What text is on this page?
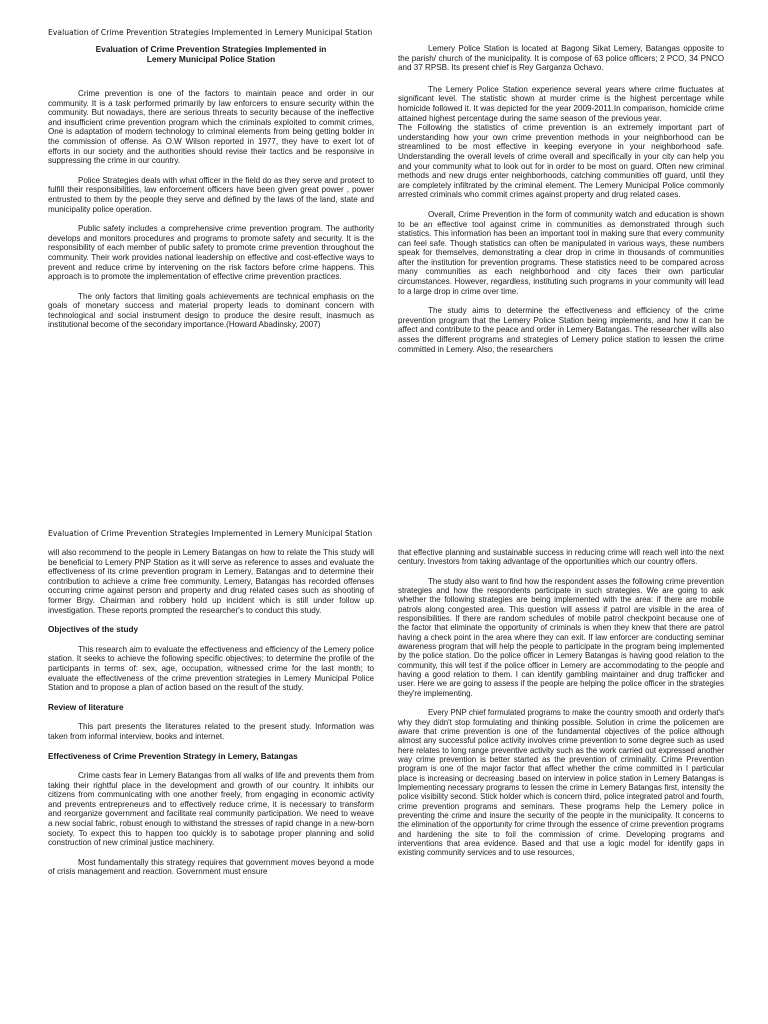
Evaluation of Crime Prevention Strategies Implemented in Lemery Municipal Station
Evaluation of Crime Prevention Strategies Implemented in
Lemery Municipal Police Station

Crime prevention is one of the factors to maintain peace and order in our community. It is a task performed primarily by law enforcers to ensure security within the community. But nowadays, there are serious threats to security because of the ineffective and insufficient crime prevention program which the criminals exploited to commit crimes, One is adaptation of modern technology to criminal elements from being getting bolder in the commission of offense. As O.W Wilson reported in 1977, they have to exert lot of efforts in our society and the authorities should revise their tactics and be responsive in suppressing the crime in our country.

Police Strategies deals with what officer in the field do as they serve and protect to fulfill their responsibilities, law enforcement officers have been given great power , power entrusted to them by the people they serve and defined by the laws of the land, state and municipality police operation.

Public safety includes a comprehensive crime prevention program. The authority develops and monitors procedures and programs to promote safety and security. It is the responsibility of each member of public safety to promote crime prevention throughout the community. Their work provides national leadership on effective and cost-effective ways to prevent and reduce crime by intervening on the risk factors before crime happens. This approach is to promote the implementation of effective crime prevention practices.

The only factors that limiting goals achievements are technical emphasis on the goals of monetary success and material property leads to dominant concern with technological and social instrument design to produce the desire result, inasmuch as institutional become of the secondary importance.(Howard Abadinsky, 2007)

Lemery Police Station is located at Bagong Sikat Lemery, Batangas opposite to the parish/ church of the municipality. It is compose of 63 police officers; 2 PCO, 34 PNCO and 37 RPSB. Its present chief is Rey Garganza Ochavo.

The Lemery Police Station experience several years where crime fluctuates at significant level. The statistic shown at murder crime is the highest percentage while homicide followed it. It was depicted for the year 2009-2011.In comparison, homicide crime attained highest percentage during the same season of the previous year.

The Following the statistics of crime prevention is an extremely important part of understanding how your own crime prevention methods in your neighborhood can be streamlined to be most effective in keeping everyone in your neighborhood safe. Understanding the overall levels of crime overall and specifically in your city can help you and your community what to look out for in order to be most on guard. Often new criminal methods and new drugs enter neighborhoods, catching communities off guard, until they are completely infiltrated by the criminal element. The Lemery Municipal Police commonly arrested criminals who commit crimes against property and drug related cases.

Overall, Crime Prevention in the form of community watch and education is shown to be an effective tool against crime in communities as demonstrated through such statistics. This information has been an important tool in making sure that every community can feel safe. Though statistics can often be manipulated in various ways, these numbers speak for themselves, demonstrating a clear drop in crime in thousands of communities after the institution for prevention programs. These statistics need to be compared across many communities as each neighborhood and city faces their own particular circumstances. However, regardless, instituting such programs in your community will lead to a large drop in crime over time.

The study aims to determine the effectiveness and efficiency of the crime prevention program that the Lemery Police Station being implements, and how it can be affect and contribute to the peace and order in Lemery Batangas. The researcher wills also asses the different programs and strategies of Lemery police station to lessen the crime committed in Lemery. Also, the researchers

Evaluation of Crime Prevention Strategies Implemented in Lemery Municipal Station

will also recommend to the people in Lemery Batangas on how to relate the This study will be beneficial to Lemery PNP Station as it will serve as reference to asses and evaluate the effectiveness of its crime prevention program in Lemery, Batangas and to determine their contribution to achieve a crime free community. Lemery, Batangas has recorded offenses occurring crime against person and property and drug related cases such as shooting of former Brgy. Chairman and robbery hold up incident which is still under follow up investigation. These reports prompted the researcher's to conduct this study.

Objectives of the study

This research aim to evaluate the effectiveness and efficiency of the Lemery police station. It seeks to achieve the following specific objectives; to determine the profile of the participants in terms of: sex, age, occupation, witnessed crime for the last month; to evaluate the effectiveness of the crime prevention strategies in Lemery Municipal Police Station and to propose a plan of action based on the result of the study.

Review of literature

This part presents the literatures related to the present study. Information was taken from informal interview, books and internet.

Effectiveness of Crime Prevention Strategy in Lemery, Batangas

Crime casts fear in Lemery Batangas from all walks of life and prevents them from taking their rightful place in the development and growth of our country. It inhibits our citizens from communicating with one another freely, from engaging in economic activity and prevents entrepreneurs and to effectively reduce crime, it is necessary to transform and reorganize government and facilitate real community participation. We need to weave a new social fabric, robust enough to withstand the stresses of rapid change in a new-born society. To expect this to happen too quickly is to sabotage proper planning and solid construction of new criminal justice machinery.

Most fundamentally this strategy requires that government moves beyond a mode of crisis management and reaction. Government must ensure

that effective planning and sustainable success in reducing crime will reach well into the next century. Investors from taking advantage of the opportunities which our country offers.

The study also want to find how the respondent asses the following crime prevention strategies and how the respondents participate in such strategies. We are going to ask whether the following strategies are being implemented with the area: if there are mobile patrols along congested area. This question will assess if patrol are visible in the area of responsibilities. If there are random schedules of mobile patrol checkpoint because one of the factor that eliminate the opportunity of criminals is when they knew that there are patrol having a check point in the area where they can exit. If law enforcer are conducting seminar awareness program that will help the people to participate in the program being implemented by the police station. Do the police officer in Lemery Batangas is having good relation to the community, this will test if the police officer in Lemery are accommodating to the people and having a good relation to them. I can identify gambling maintainer and drug trafficker and user. Here we are going to assess if the people are helping the police officer in the strategies they're implementing.

Every PNP chief formulated programs to make the country smooth and orderly that's why they didn't stop formulating and thinking possible. Solution in crime the policemen are aware that crime prevention is one of the fundamental objectives of the police although almost any successful police activity involves crime prevention to some degree such as used here relates to long range preventive activity such as the work carried out expressed another way crime prevention is better started as the prevention of criminality. Crime Prevention program is one of the major factor that affect whether the crime committed in I particular place is increasing or decreasing .based on interview in police station in Lemery Batangas is Implementing necessary programs to lessen the crime in Lemery Batangas first, intensity the police visibility second. Stick holder which is concern third, police integrated patrol and fourth, crime prevention programs and seminars. These programs help the Lemery police in preventing the crime and insure the security of the people in the municipality. It concerns to the elimination of the opportunity for crime through the essence of crime prevention programs and hardening the site to foil the commission of crime. Developing programs and interventions that area evidence. Based and that use a logic model for identify gaps in existing community services and to use resources,
